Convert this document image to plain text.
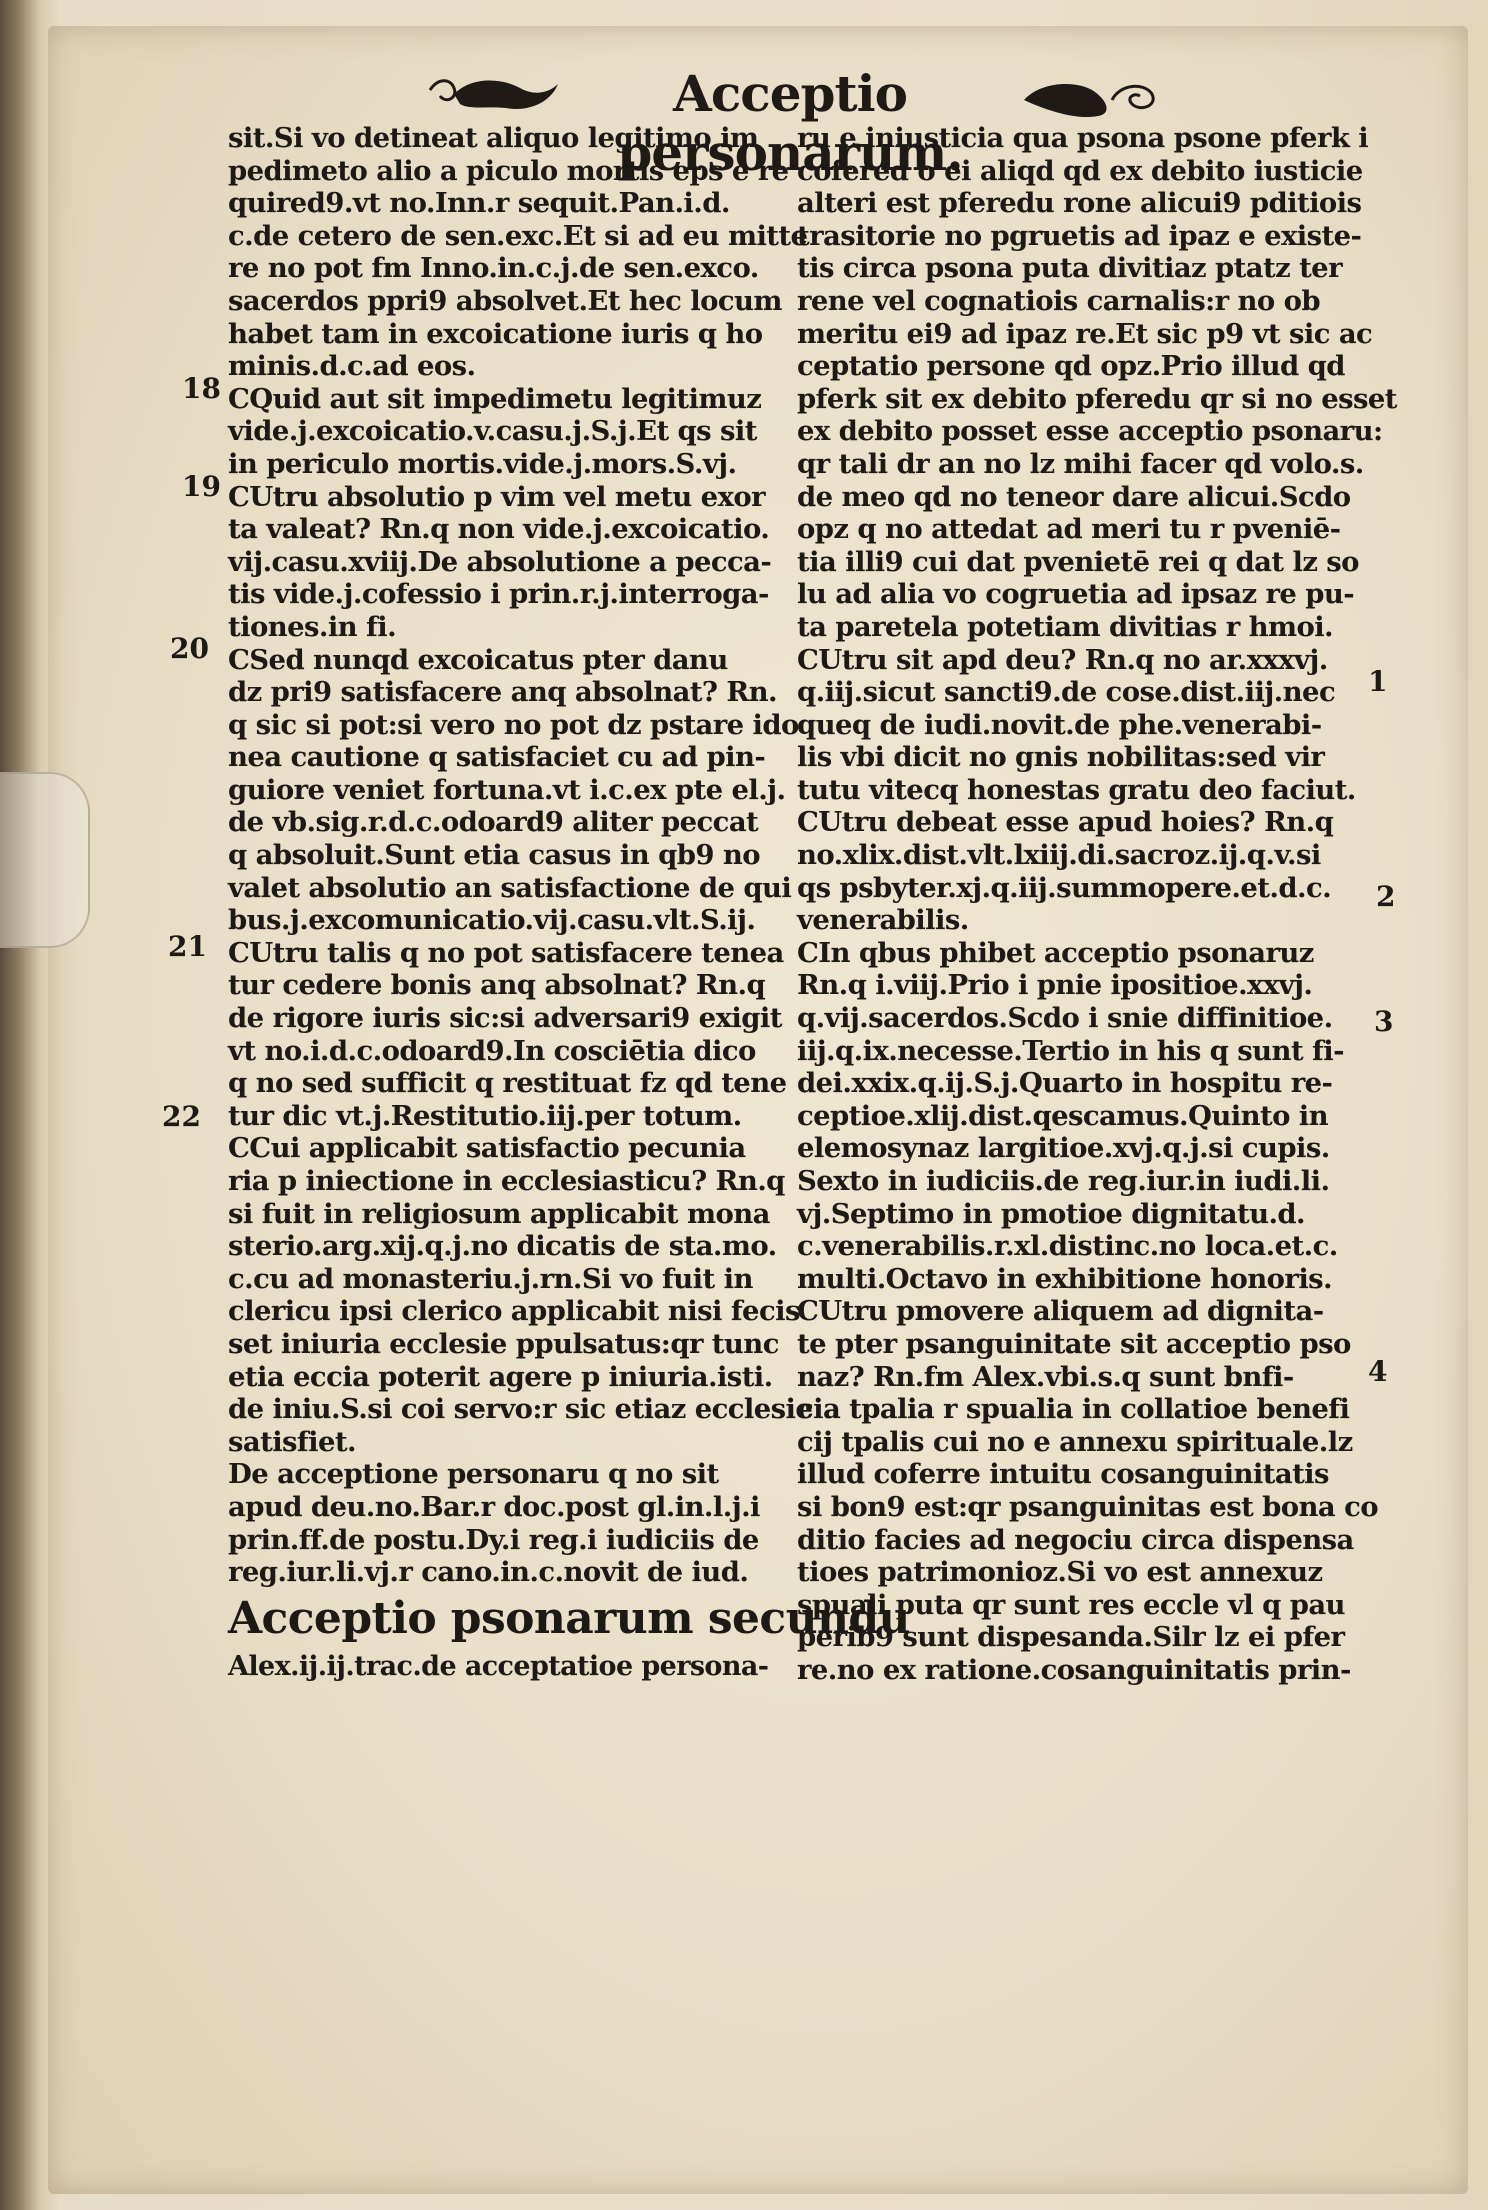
Acceptio personarum.
sit.Si vo detineat aliquo legitimo im
pedimeto alio a piculo mortis eps e re
quired9.vt no.Inn.r sequit.Pan.i.d.
c.de cetero de sen.exc.Et si ad eu mitte
re no pot fm Inno.in.c.j.de sen.exco.
sacerdos ppri9 absolvet.Et hec locum
habet tam in excoicatione iuris q ho
minis.d.c.ad eos.
CQuid aut sit impedimetu legitimuz
vide.j.excoicatio.v.casu.j.S.j.Et qs sit
in periculo mortis.vide.j.mors.S.vj.
CUtru absolutio p vim vel metu exor
ta valeat? Rn.q non vide.j.excoicatio.
vij.casu.xviij.De absolutione a pecca-
tis vide.j.cofessio i prin.r.j.interroga-
tiones.in fi.
CSed nunqd excoicatus pter danu
dz pri9 satisfacere anq absolnat? Rn.
q sic si pot:si vero no pot dz pstare ido
nea cautione q satisfaciet cu ad pin-
guiore veniet fortuna.vt i.c.ex pte el.j.
de vb.sig.r.d.c.odoard9 aliter peccat
q absoluit.Sunt etia casus in qb9 no
valet absolutio an satisfactione de qui
bus.j.excomunicatio.vij.casu.vlt.S.ij.
CUtru talis q no pot satisfacere tenea
tur cedere bonis anq absolnat? Rn.q
de rigore iuris sic:si adversari9 exigit
vt no.i.d.c.odoard9.In cosciētia dico
q no sed sufficit q restituat fz qd tene
tur dic vt.j.Restitutio.iij.per totum.
CCui applicabit satisfactio pecunia
ria p iniectione in ecclesiasticu? Rn.q
si fuit in religiosum applicabit mona
sterio.arg.xij.q.j.no dicatis de sta.mo.
c.cu ad monasteriu.j.rn.Si vo fuit in
clericu ipsi clerico applicabit nisi fecis
set iniuria ecclesie ppulsatus:qr tunc
etia eccia poterit agere p iniuria.isti.
de iniu.S.si coi servo:r sic etiaz ecclesie
satisfiet.
De acceptione personaru q no sit
apud deu.no.Bar.r doc.post gl.in.l.j.i
prin.ff.de postu.Dy.i reg.i iudiciis de
reg.iur.li.vj.r cano.in.c.novit de iud.
Acceptio psonarum secundu
Alex.ij.ij.trac.de acceptatioe persona-
ru e iniusticia qua psona psone pferk i
cofered o ei aliqd qd ex debito iusticie
alteri est pferedu rone alicui9 pditiois
trasitorie no pgruetis ad ipaz e existe-
tis circa psona puta divitiaz ptatz ter
rene vel cognatiois carnalis:r no ob
meritu ei9 ad ipaz re.Et sic p9 vt sic ac
ceptatio persone qd opz.Prio illud qd
pferk sit ex debito pferedu qr si no esset
ex debito posset esse acceptio psonaru:
qr tali dr an no lz mihi facer qd volo.s.
de meo qd no teneor dare alicui.Scdo
opz q no attedat ad meri tu r pveniē-
tia illi9 cui dat pvenietē rei q dat lz so
lu ad alia vo cogruetia ad ipsaz re pu-
ta paretela potetiam divitias r hmoi.
CUtru sit apd deu? Rn.q no ar.xxxvj.
q.iij.sicut sancti9.de cose.dist.iij.nec
queq de iudi.novit.de phe.venerabi-
lis vbi dicit no gnis nobilitas:sed vir
tutu vitecq honestas gratu deo faciut.
CUtru debeat esse apud hoies? Rn.q
no.xlix.dist.vlt.lxiij.di.sacroz.ij.q.v.si
qs psbyter.xj.q.iij.summopere.et.d.c.
venerabilis.
CIn qbus phibet acceptio psonaruz
Rn.q i.viij.Prio i pnie ipositioe.xxvj.
q.vij.sacerdos.Scdo i snie diffinitioe.
iij.q.ix.necesse.Tertio in his q sunt fi-
dei.xxix.q.ij.S.j.Quarto in hospitu re-
ceptioe.xlij.dist.qescamus.Quinto in
elemosynaz largitioe.xvj.q.j.si cupis.
Sexto in iudiciis.de reg.iur.in iudi.li.
vj.Septimo in pmotioe dignitatu.d.
c.venerabilis.r.xl.distinc.no loca.et.c.
multi.Octavo in exhibitione honoris.
CUtru pmovere aliquem ad dignita-
te pter psanguinitate sit acceptio pso
naz? Rn.fm Alex.vbi.s.q sunt bnfi-
cia tpalia r spualia in collatioe benefi
cij tpalis cui no e annexu spirituale.lz
illud coferre intuitu cosanguinitatis
si bon9 est:qr psanguinitas est bona co
ditio facies ad negociu circa dispensa
tioes patrimonioz.Si vo est annexuz
spuali puta qr sunt res eccle vl q pau
perib9 sunt dispesanda.Silr lz ei pfer
re.no ex ratione.cosanguinitatis prin-
18
19
20
21
22
1
2
3
4
